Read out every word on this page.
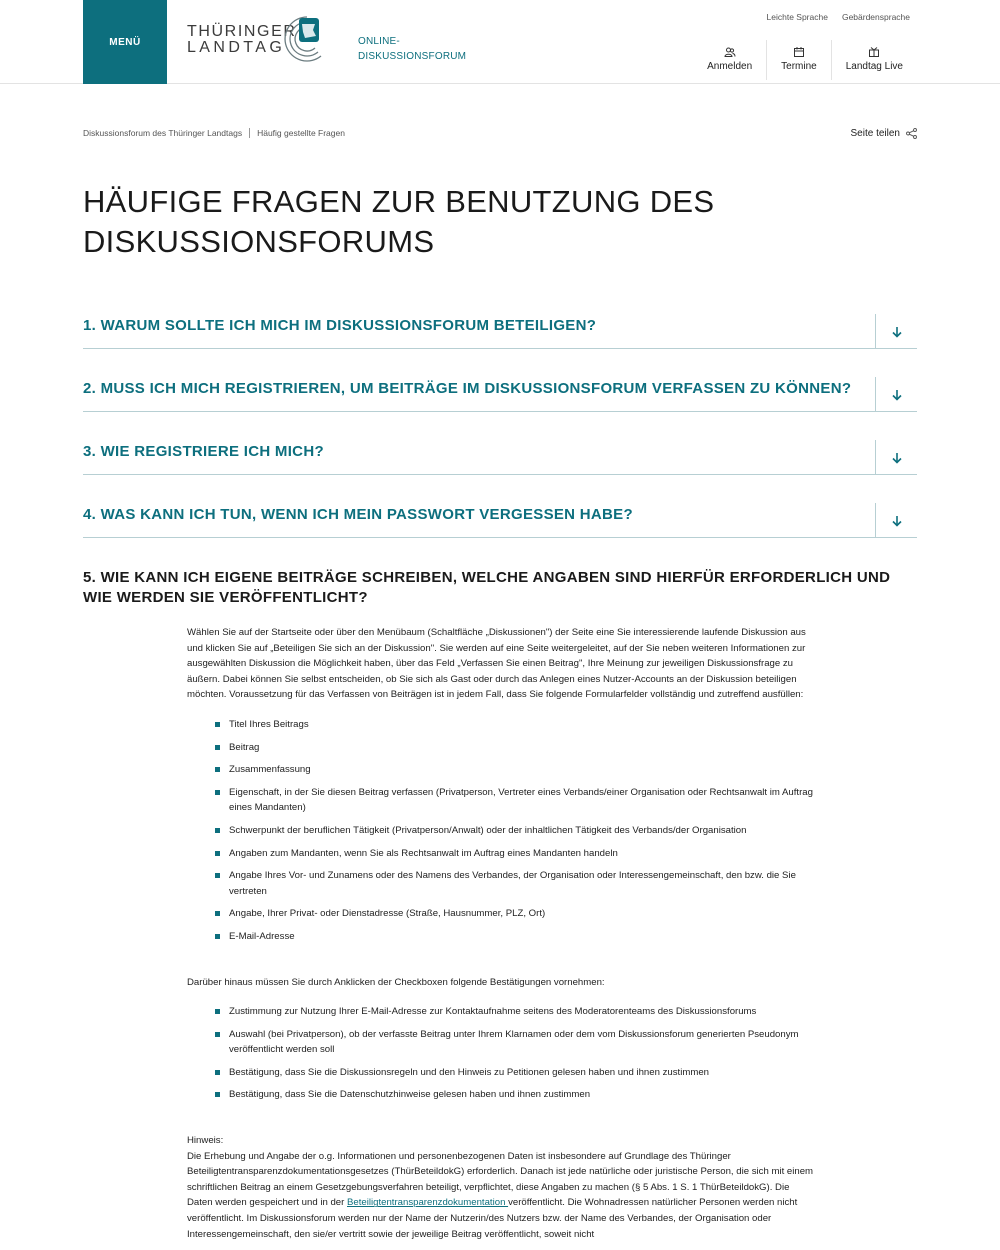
MENÜ
THÜRINGER
LANDTAG	ONLINE-
DISKUSSIONSFORUM
Leichte Sprache Gebärdensprache
Anmelden	Termine	Landtag Live
Diskussionsforum des Thüringer Landtags Häufig gestellte Fragen	Seite teilen
HÄUFIGE FRAGEN ZUR BENUTZUNG DES DISKUSSIONSFORUMS
1. WARUM SOLLTE ICH MICH IM DISKUSSIONSFORUM BETEILIGEN?
2. MUSS ICH MICH REGISTRIEREN, UM BEITRÄGE IM DISKUSSIONSFORUM VERFASSEN ZU KÖNNEN?
3. WIE REGISTRIERE ICH MICH?
4. WAS KANN ICH TUN, WENN ICH MEIN PASSWORT VERGESSEN HABE?
5. WIE KANN ICH EIGENE BEITRÄGE SCHREIBEN, WELCHE ANGABEN SIND HIERFÜR ERFORDERLICH UND WIE WERDEN SIE VERÖFFENTLICHT?

Wählen Sie auf der Startseite oder über den Menübaum (Schaltfläche „Diskussionen") der Seite eine Sie interessierende laufende Diskussion aus und klicken Sie auf „Beteiligen Sie sich an der Diskussion". Sie werden auf eine Seite weitergeleitet, auf der Sie neben weiteren Informationen zur ausgewählten Diskussion die Möglichkeit haben, über das Feld „Verfassen Sie einen Beitrag", Ihre Meinung zur jeweiligen Diskussionsfrage zu äußern. Dabei können Sie selbst entscheiden, ob Sie sich als Gast oder durch das Anlegen eines Nutzer-Accounts an der Diskussion beteiligen möchten. Voraussetzung für das Verfassen von Beiträgen ist in jedem Fall, dass Sie folgende Formularfelder vollständig und zutreffend ausfüllen:

Titel Ihres Beitrags
Beitrag
Zusammenfassung
Eigenschaft, in der Sie diesen Beitrag verfassen (Privatperson, Vertreter eines Verbands/einer Organisation oder Rechtsanwalt im Auftrag eines Mandanten)
Schwerpunkt der beruflichen Tätigkeit (Privatperson/Anwalt) oder der inhaltlichen Tätigkeit des Verbands/der Organisation
Angaben zum Mandanten, wenn Sie als Rechtsanwalt im Auftrag eines Mandanten handeln
Angabe Ihres Vor- und Zunamens oder des Namens des Verbandes, der Organisation oder Interessengemeinschaft, den bzw. die Sie vertreten
Angabe, Ihrer Privat- oder Dienstadresse (Straße, Hausnummer, PLZ, Ort)
E-Mail-Adresse

Darüber hinaus müssen Sie durch Anklicken der Checkboxen folgende Bestätigungen vornehmen:

Zustimmung zur Nutzung Ihrer E-Mail-Adresse zur Kontaktaufnahme seitens des Moderatorenteams des Diskussionsforums
Auswahl (bei Privatperson), ob der verfasste Beitrag unter Ihrem Klarnamen oder dem vom Diskussionsforum generierten Pseudonym veröffentlicht werden soll
Bestätigung, dass Sie die Diskussionsregeln und den Hinweis zu Petitionen gelesen haben und ihnen zustimmen
Bestätigung, dass Sie die Datenschutzhinweise gelesen haben und ihnen zustimmen

Hinweis:

Die Erhebung und Angabe der o.g. Informationen und personenbezogenen Daten ist insbesondere auf Grundlage des Thüringer Beteiligtentransparenzdokumentationsgesetzes (ThürBeteildokG) erforderlich. Danach ist jede natürliche oder juristische Person, die sich mit einem schriftlichen Beitrag an einem Gesetzgebungsverfahren beteiligt, verpflichtet, diese Angaben zu machen (§ 5 Abs. 1 S. 1 ThürBeteildokG). Die Daten werden gespeichert und in der Beteiligtentransparenzdokumentation veröffentlicht. Die Wohnadressen natürlicher Personen werden nicht veröffentlicht. Im Diskussionsforum werden nur der Name der Nutzerin/des Nutzers bzw. der Name des Verbandes, der Organisation oder Interessengemeinschaft, den sie/er vertritt sowie der jeweilige Beitrag veröffentlicht, soweit nicht
